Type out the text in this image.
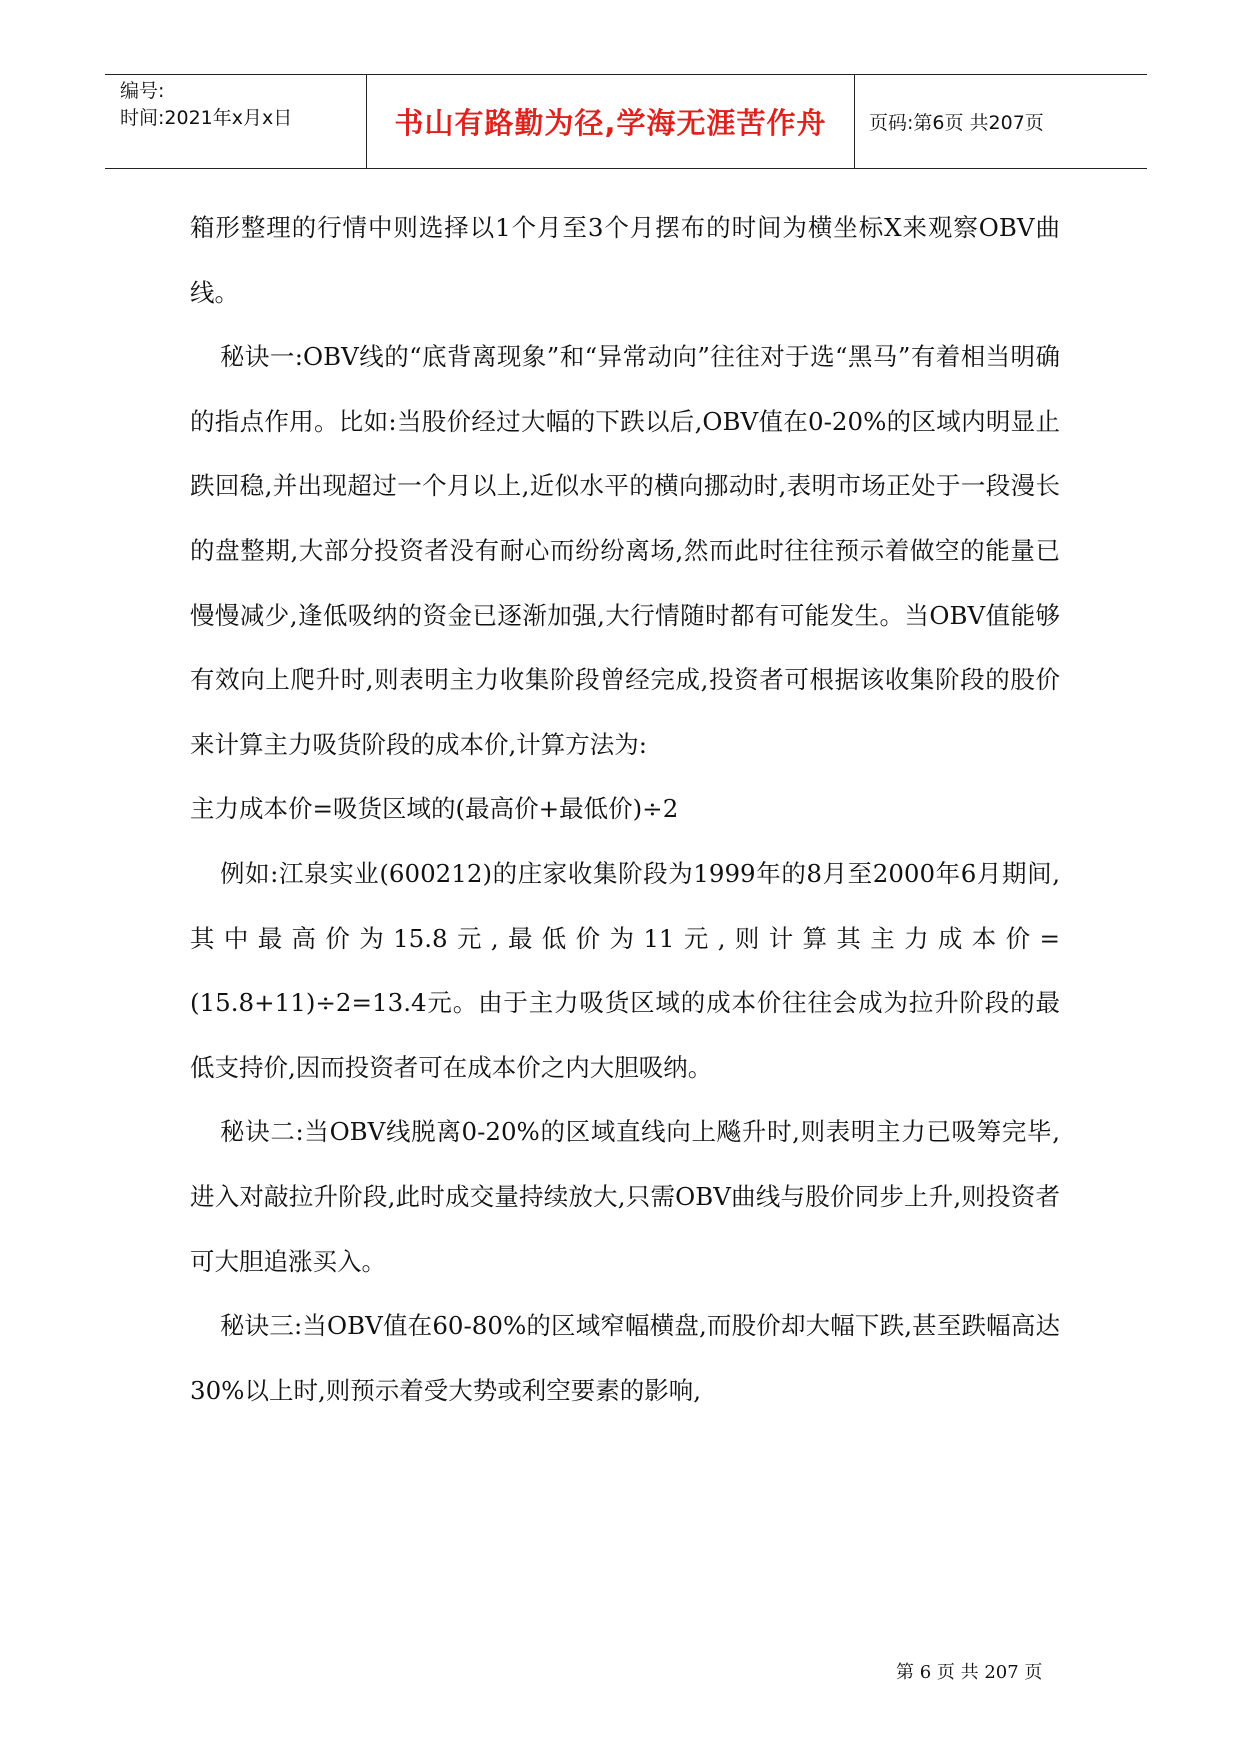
编号:
时间:2021年x月x日	书山有路勤为径,学海无涯苦作舟	页码:第6页 共207页

箱形整理的行情中则选择以1个月至3个月摆布的时间为横坐标X来观察OBV曲线。

秘诀一:OBV线的“底背离现象”和“异常动向”往往对于选“黑马”有着相当明确的指点作用。比如:当股价经过大幅的下跌以后,OBV值在0-20%的区域内明显止跌回稳,并出现超过一个月以上,近似水平的横向挪动时,表明市场正处于一段漫长的盘整期,大部分投资者没有耐心而纷纷离场,然而此时往往预示着做空的能量已慢慢减少,逢低吸纳的资金已逐渐加强,大行情随时都有可能发生。当OBV值能够有效向上爬升时,则表明主力收集阶段曾经完成,投资者可根据该收集阶段的股价来计算主力吸货阶段的成本价,计算方法为:

主力成本价=吸货区域的(最高价+最低价)÷2

例如:江泉实业(600212)的庄家收集阶段为1999年的8月至2000年6月期间,其中最高价为15.8元,最低价为11元,则计算其主力成本价=(15.8+11)÷2=13.4元。由于主力吸货区域的成本价往往会成为拉升阶段的最低支持价,因而投资者可在成本价之内大胆吸纳。

秘诀二:当OBV线脱离0-20%的区域直线向上飚升时,则表明主力已吸筹完毕,进入对敲拉升阶段,此时成交量持续放大,只需OBV曲线与股价同步上升,则投资者可大胆追涨买入。

秘诀三:当OBV值在60-80%的区域窄幅横盘,而股价却大幅下跌,甚至跌幅高达30%以上时,则预示着受大势或利空要素的影响,

第 6 页 共 207 页
